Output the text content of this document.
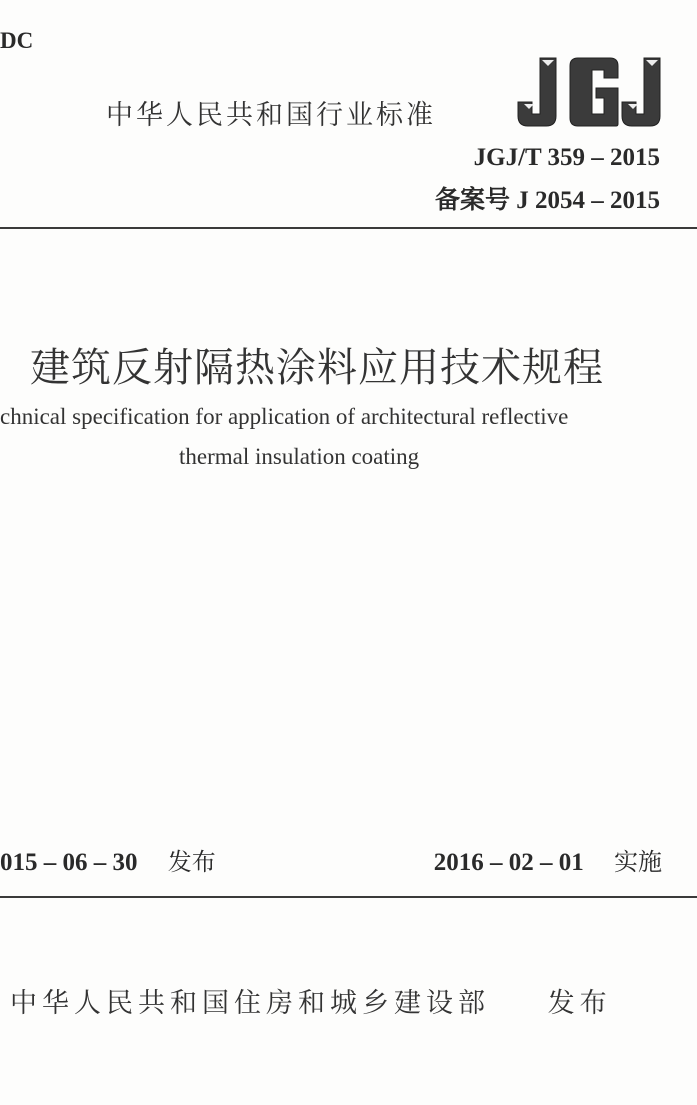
DC
中华人民共和国行业标准
JGJ/T 359 – 2015
备案号 J 2054 – 2015
建筑反射隔热涂料应用技术规程
chnical specification for application of architectural reflective
thermal insulation coating
015 – 06 – 30 发布	2016 – 02 – 01 实施
中华人民共和国住房和城乡建设部 发布
